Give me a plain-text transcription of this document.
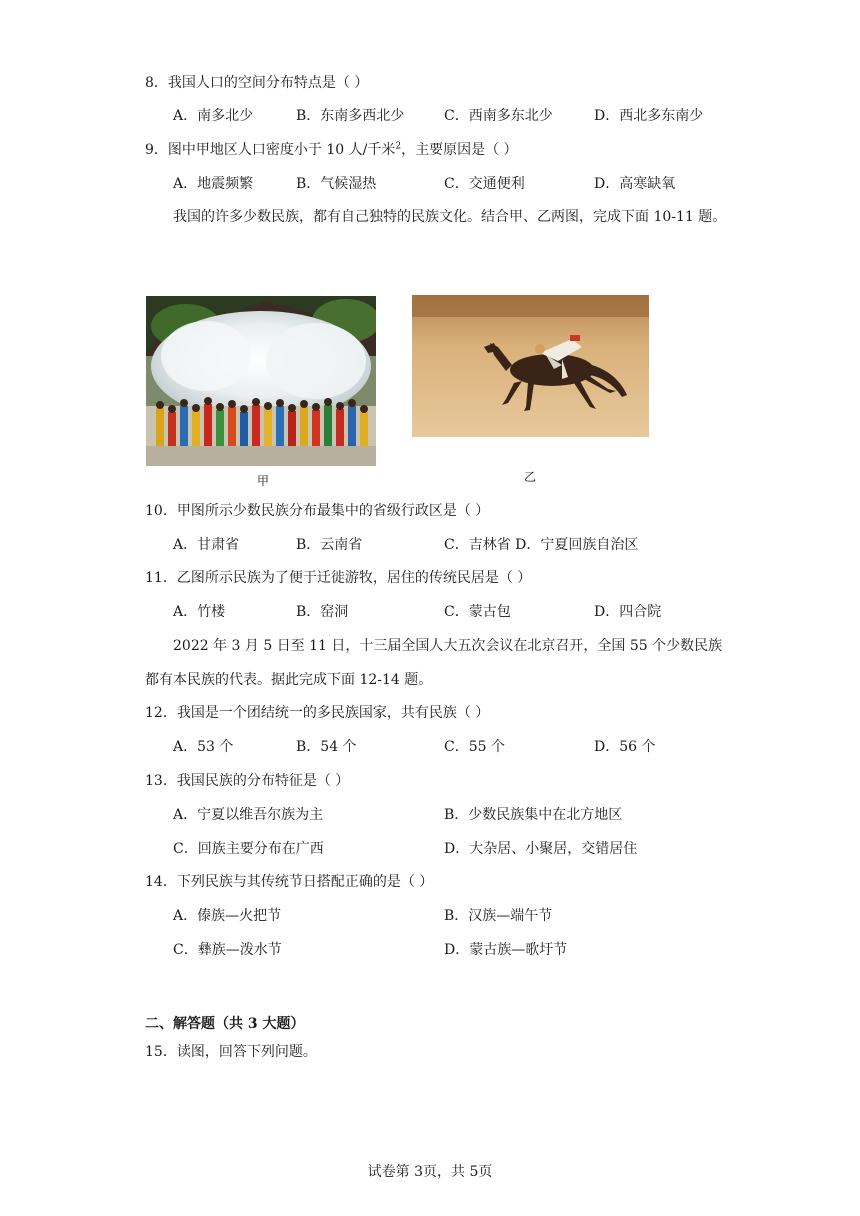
8．我国人口的空间分布特点是（ ）
A．南多北少	B．东南多西北少	C．西南多东北少	D．西北多东南少
9．图中甲地区人口密度小于 10 人/千米$^2$，主要原因是（ ）
A．地震频繁	B．气候湿热	C．交通便利	D．高寒缺氧
我国的许多少数民族，都有自己独特的民族文化。结合甲、乙两图，完成下面 10-11 题。
甲	乙
10．甲图所示少数民族分布最集中的省级行政区是（ ）
A．甘肃省	B．云南省	C．吉林省 D．宁夏回族自治区
11．乙图所示民族为了便于迁徙游牧，居住的传统民居是（ ）
A．竹楼	B．窑洞	C．蒙古包	D．四合院
2022 年 3 月 5 日至 11 日，十三届全国人大五次会议在北京召开，全国 55 个少数民族都有本民族的代表。据此完成下面 12-14 题。
12．我国是一个团结统一的多民族国家，共有民族（ ）
A．53 个	B．54 个	C．55 个	D．56 个
13．我国民族的分布特征是（ ）
A．宁夏以维吾尔族为主	B．少数民族集中在北方地区
C．回族主要分布在广西	D．大杂居、小聚居，交错居住
14．下列民族与其传统节日搭配正确的是（ ）
A．傣族—火把节	B．汉族—端午节
C．彝族—泼水节	D．蒙古族—歌圩节
二、解答题（共 3 大题）
15．读图，回答下列问题。
试卷第 3页，共 5页
